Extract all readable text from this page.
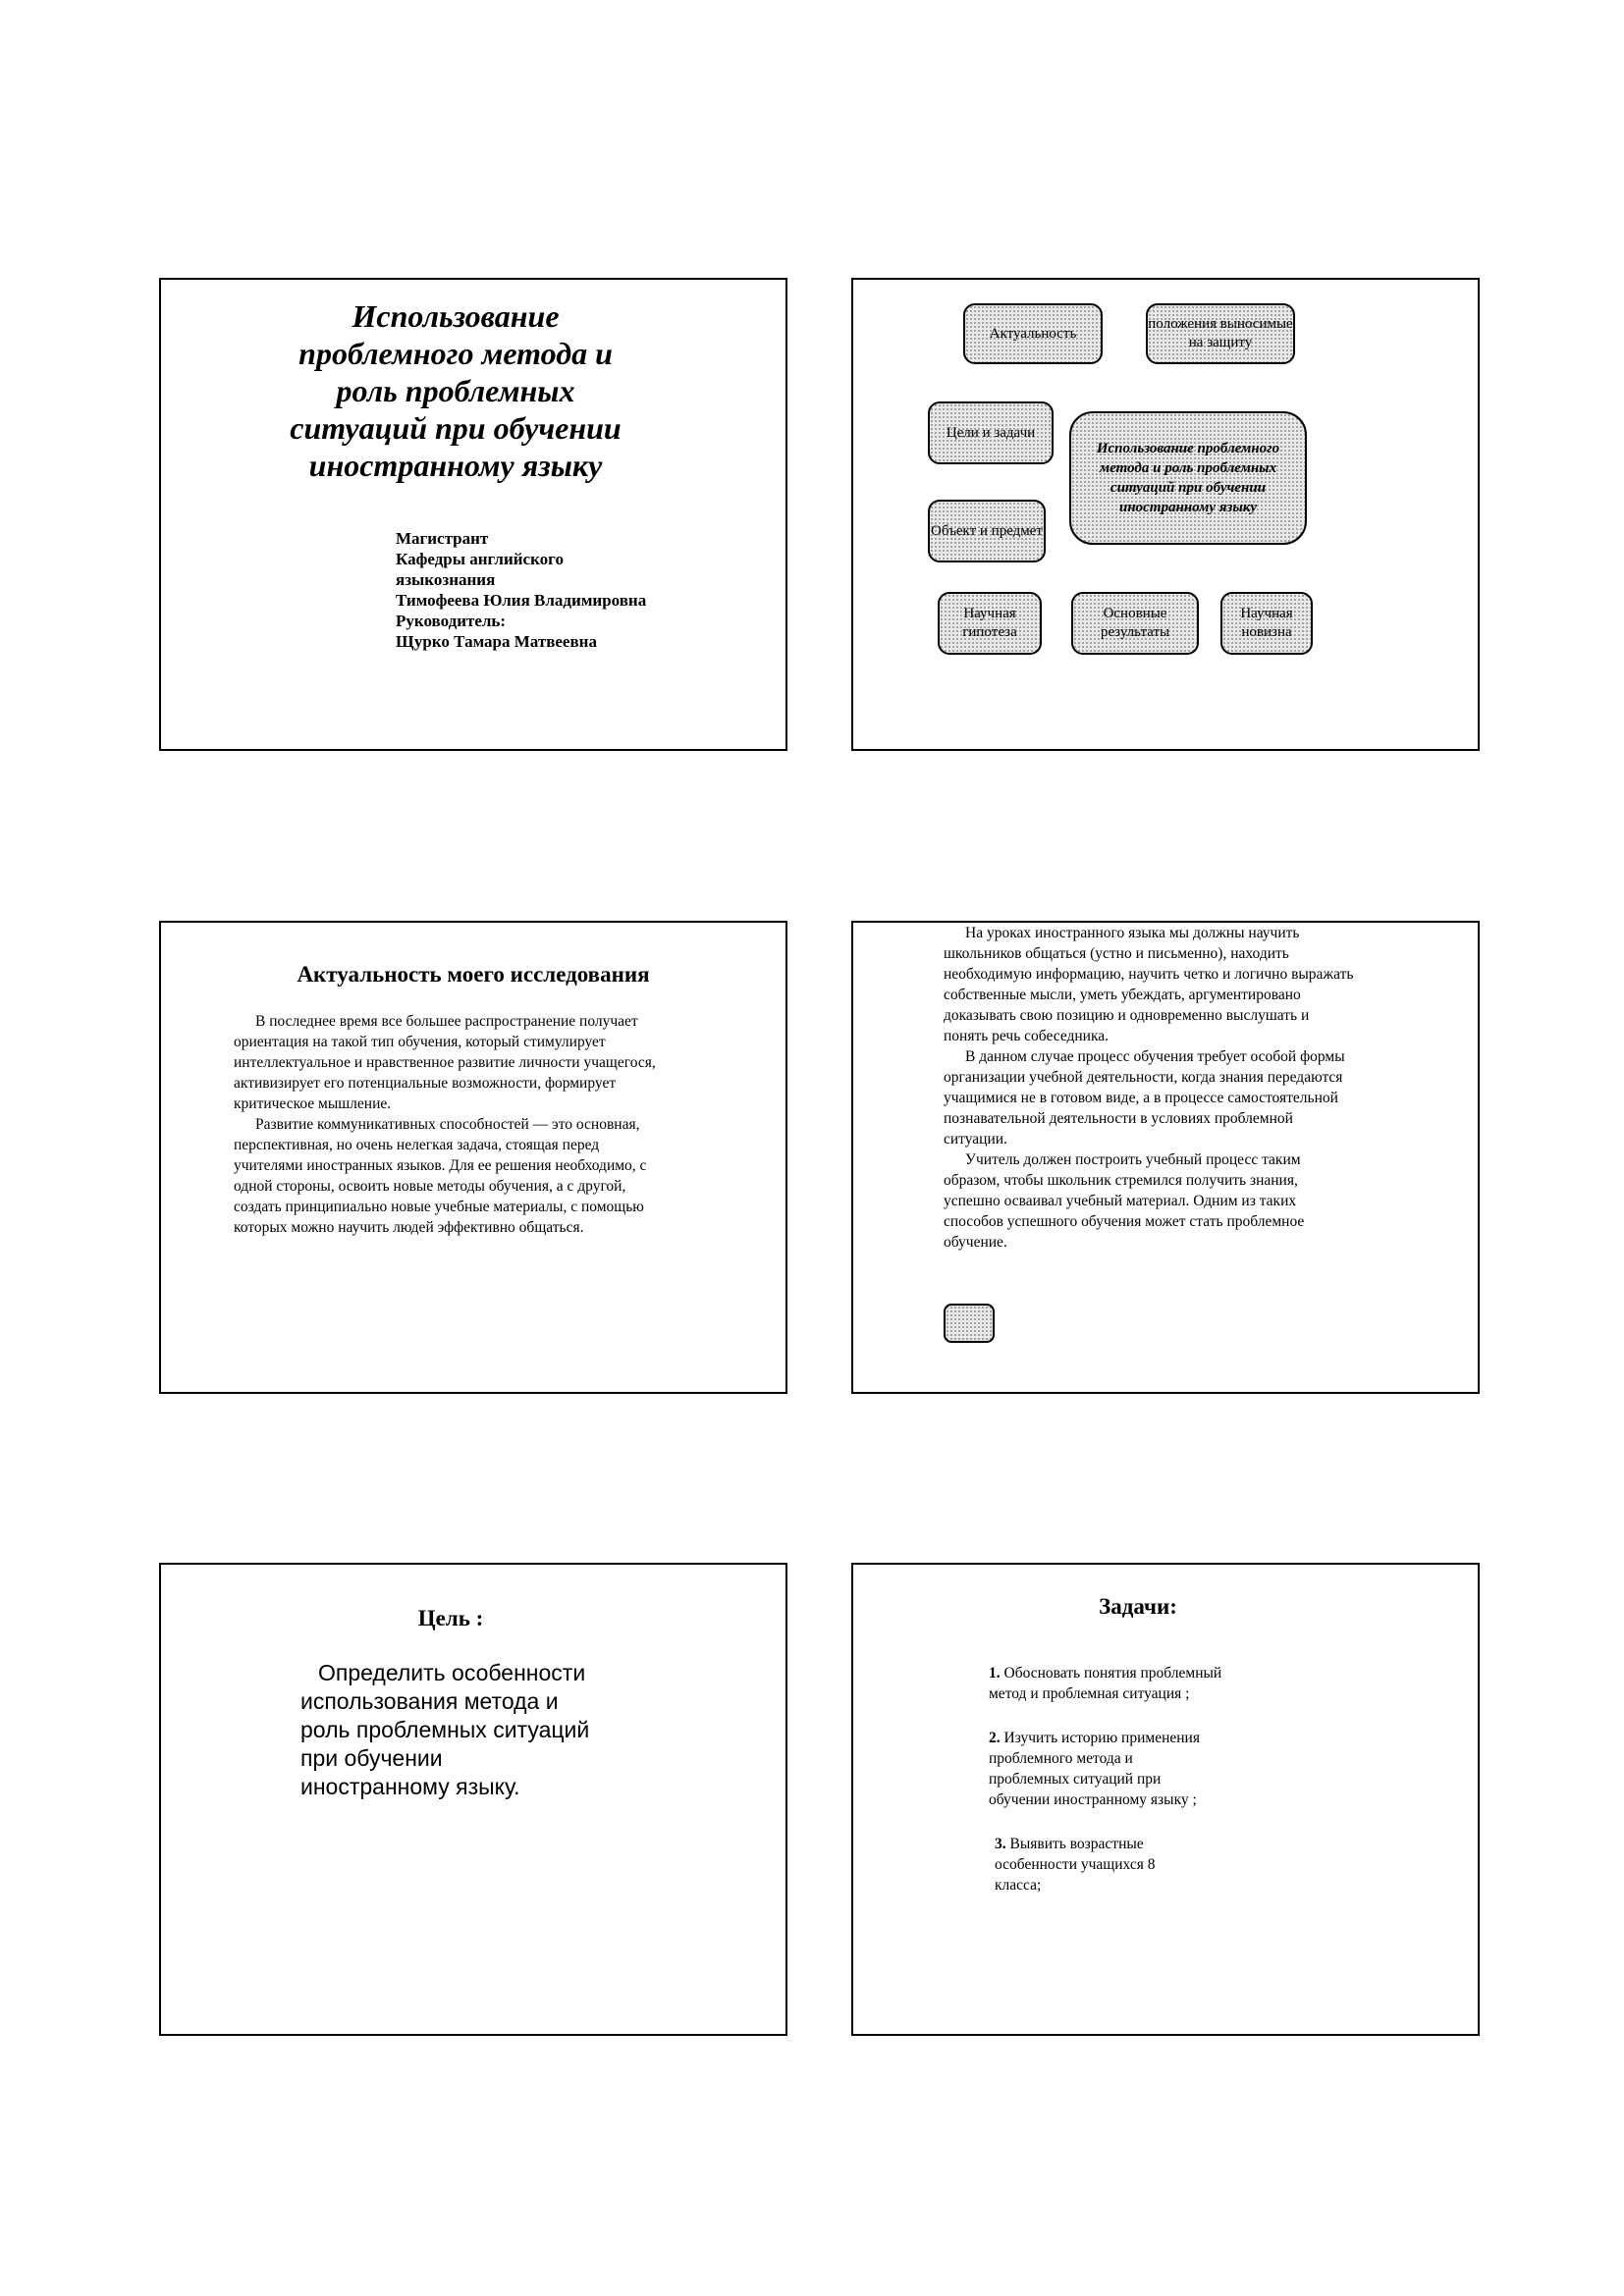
Использование
проблемного метода и
роль проблемных
ситуаций при обучении
иностранному языку
Магистрант
Кафедры английского
языкознания
Тимофеева Юлия Владимировна
Руководитель:
Щурко Тамара Матвеевна
Актуальность
положения выносимые на защиту
Цели и задачи
Использование проблемного метода и роль проблемных ситуаций при обучении иностранному языку
Объект и предмет
Научная гипотеза
Основные результаты
Научная новизна
Актуальность моего исследования

В последнее время все большее распространение получает ориентация на такой тип обучения, который стимулирует интеллектуальное и нравственное развитие личности учащегося, активизирует его потенциальные возможности, формирует критическое мышление.

Развитие коммуникативных способностей — это основная, перспективная, но очень нелегкая задача, стоящая перед учителями иностранных языков. Для ее решения необходимо, с одной стороны, освоить новые методы обучения, а с другой, создать принципиально новые учебные материалы, с помощью которых можно научить людей эффективно общаться.

На уроках иностранного языка мы должны научить школьников общаться (устно и письменно), находить необходимую информацию, научить четко и логично выражать собственные мысли, уметь убеждать, аргументировано доказывать свою позицию и одновременно выслушать и понять речь собеседника.

В данном случае процесс обучения требует особой формы организации учебной деятельности, когда знания передаются учащимися не в готовом виде, а в процессе самостоятельной познавательной деятельности в условиях проблемной ситуации.

Учитель должен построить учебный процесс таким образом, чтобы школьник стремился получить знания, успешно осваивал учебный материал. Одним из таких способов успешного обучения может стать проблемное обучение.

Цель :
Определить особенности
использования метода и
роль проблемных ситуаций
при обучении
иностранному языку.
Задачи:
1. Обосновать понятия проблемный
метод и проблемная ситуация ;
2. Изучить историю применения
проблемного метода и
проблемных ситуаций при
обучении иностранному языку ;
3. Выявить возрастные
особенности учащихся 8
класса;
